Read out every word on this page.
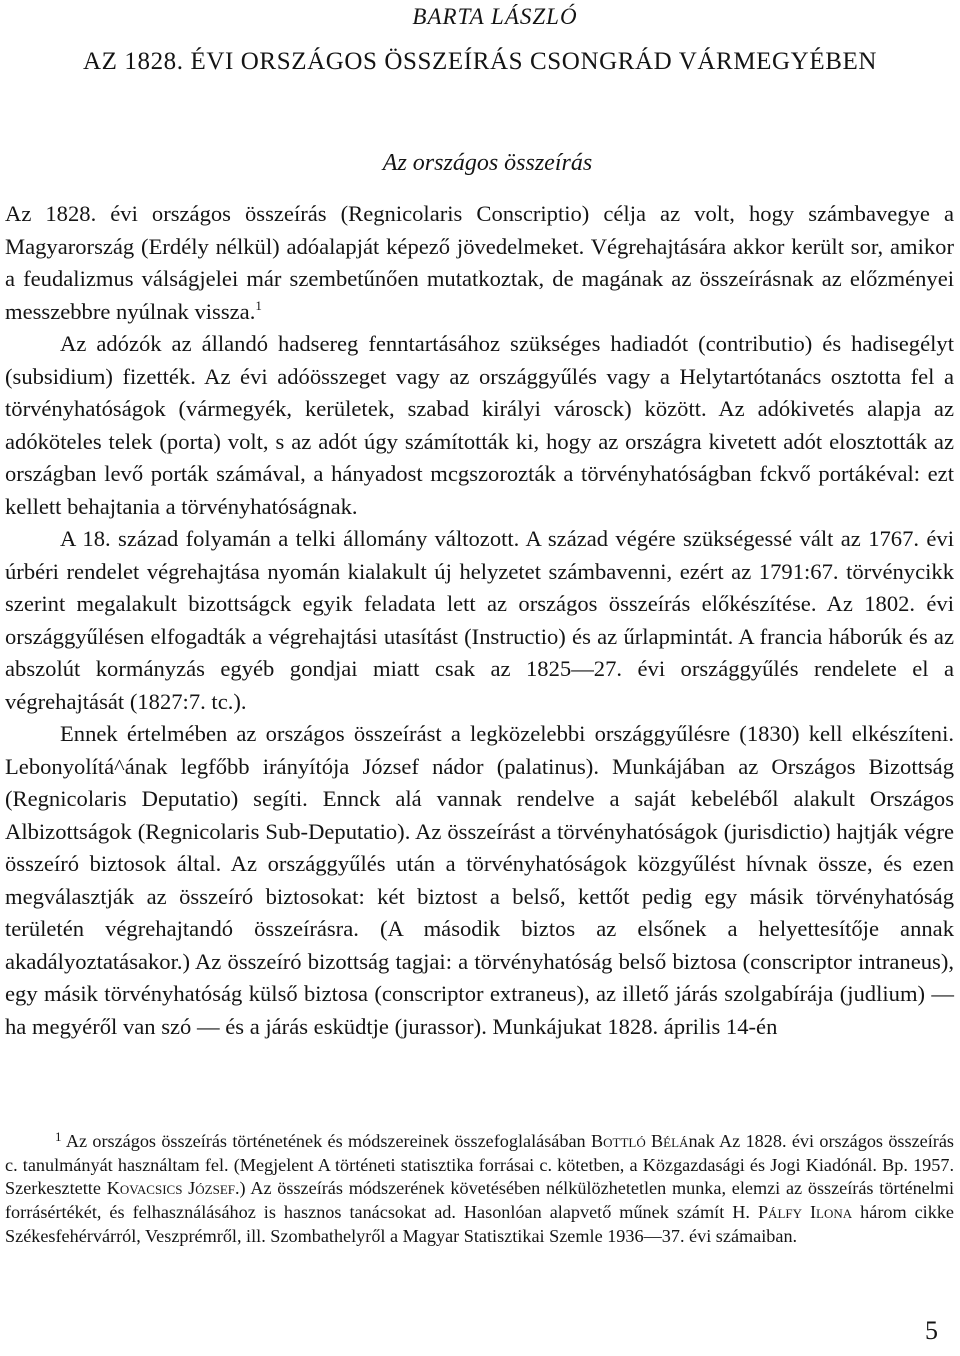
BARTA LÁSZLÓ

AZ 1828. ÉVI ORSZÁGOS ÖSSZEÍRÁS CSONGRÁD VÁRMEGYÉBEN
Az országos összeírás

Az 1828. évi országos összeírás (Regnicolaris Conscriptio) célja az volt, hogy számbavegye a Magyarország (Erdély nélkül) adóalapját képező jövedelmeket. Végrehajtására akkor került sor, amikor a feudalizmus válságjelei már szembetűnően mutatkoztak, de magának az összeírásnak az előzményei messzebbre nyúlnak vissza.$^1$

Az adózók az állandó hadsereg fenntartásához szükséges hadiadót (contributio) és hadisegélyt (subsidium) fizették. Az évi adóösszeget vagy az országgyűlés vagy a Helytartótanács osztotta fel a törvényhatóságok (vármegyék, kerületek, szabad királyi városck) között. Az adókivetés alapja az adóköteles telek (porta) volt, s az adót úgy számították ki, hogy az országra kivetett adót elosztották az országban levő porták számával, a hányadost mcgszorozták a törvényhatóságban fckvő portákéval: ezt kellett behajtania a törvényhatóságnak.

A 18. század folyamán a telki állomány változott. A század végére szükségessé vált az 1767. évi úrbéri rendelet végrehajtása nyomán kialakult új helyzetet számbavenni, ezért az 1791:67. törvénycikk szerint megalakult bizottságck egyik feladata lett az országos összeírás előkészítése. Az 1802. évi országgyűlésen elfogadták a végrehajtási utasítást (Instructio) és az űrlapmintát. A francia háborúk és az abszolút kormányzás egyéb gondjai miatt csak az 1825—27. évi országgyűlés rendelete el a végrehajtását (1827:7. tc.).

Ennek értelmében az országos összeírást a legközelebbi országgyűlésre (1830) kell elkészíteni. Lebonyolítá^ának legfőbb irányítója József nádor (palatinus). Munkájában az Országos Bizottság (Regnicolaris Deputatio) segíti. Ennck alá vannak rendelve a saját kebeléből alakult Országos Albizottságok (Regnicolaris Sub-Deputatio). Az összeírást a törvényhatóságok (jurisdictio) hajtják végre összeíró biztosok által. Az országgyűlés után a törvényhatóságok közgyűlést hívnak össze, és ezen megválasztják az összeíró biztosokat: két biztost a belső, kettőt pedig egy másik törvényhatóság területén végrehajtandó összeírásra. (A második biztos az elsőnek a helyettesítője annak akadályoztatásakor.) Az összeíró bizottság tagjai: a törvényhatóság belső biztosa (conscriptor intraneus), egy másik törvényhatóság külső biztosa (conscriptor extraneus), az illető járás szolgabírája (judlium) — ha megyéről van szó — és a járás esküdtje (jurassor). Munkájukat 1828. április 14-én

$^1$ Az országos összeírás történetének és módszereinek összefoglalásában Bottló Bélának Az 1828. évi országos összeírás c. tanulmányát használtam fel. (Megjelent A történeti statisztika forrásai c. kötetben, a Közgazdasági és Jogi Kiadónál. Bp. 1957. Szerkesztette Kovacsics József.) Az összeírás módszerének követésében nélkülözhetetlen munka, elemzi az összeírás történelmi forrásértékét, és felhasználásához is hasznos tanácsokat ad. Hasonlóan alapvető műnek számít H. Pálfy Ilona három cikke Székesfehérvárról, Veszprémről, ill. Szombathelyről a Magyar Statisztikai Szemle 1936—37. évi számaiban.

5
